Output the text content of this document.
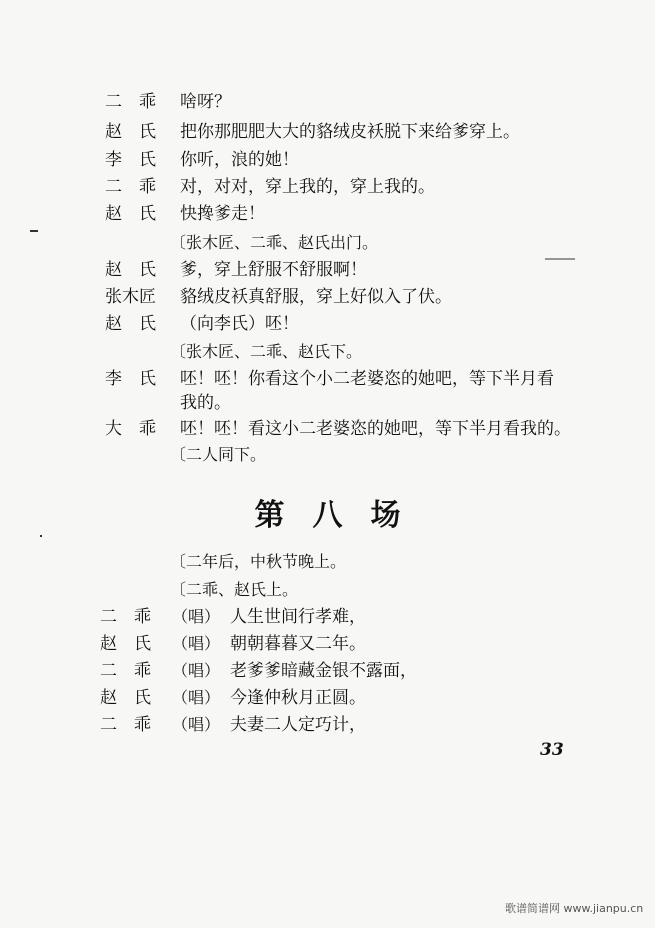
二　乖 啥呀？
赵　氏 把你那肥肥大大的貉绒皮袄脱下来给爹穿上。
李　氏 你听，浪的她！
二　乖 对，对对，穿上我的，穿上我的。
赵　氏 快搀爹走！
〔张木匠、二乖、赵氏出门。
赵　氏 爹，穿上舒服不舒服啊！
张木匠 貉绒皮袄真舒服，穿上好似入了伏。
赵　氏 （向李氏）呸！
〔张木匠、二乖、赵氏下。
李　氏 呸！呸！你看这个小二老婆恣的她吧，等下半月看
我的。
大　乖 呸！呸！看这小二老婆恣的她吧，等下半月看我的。
〔二人同下。
第八场
〔二年后，中秋节晚上。
〔二乖、赵氏上。
二　乖 （唱） 人生世间行孝难，
赵　氏 （唱） 朝朝暮暮又二年。
二　乖 （唱） 老爹爹暗藏金银不露面，
赵　氏 （唱） 今逢仲秋月正圆。
二　乖 （唱） 夫妻二人定巧计，
33
歌谱简谱网 www.jianpu.cn
